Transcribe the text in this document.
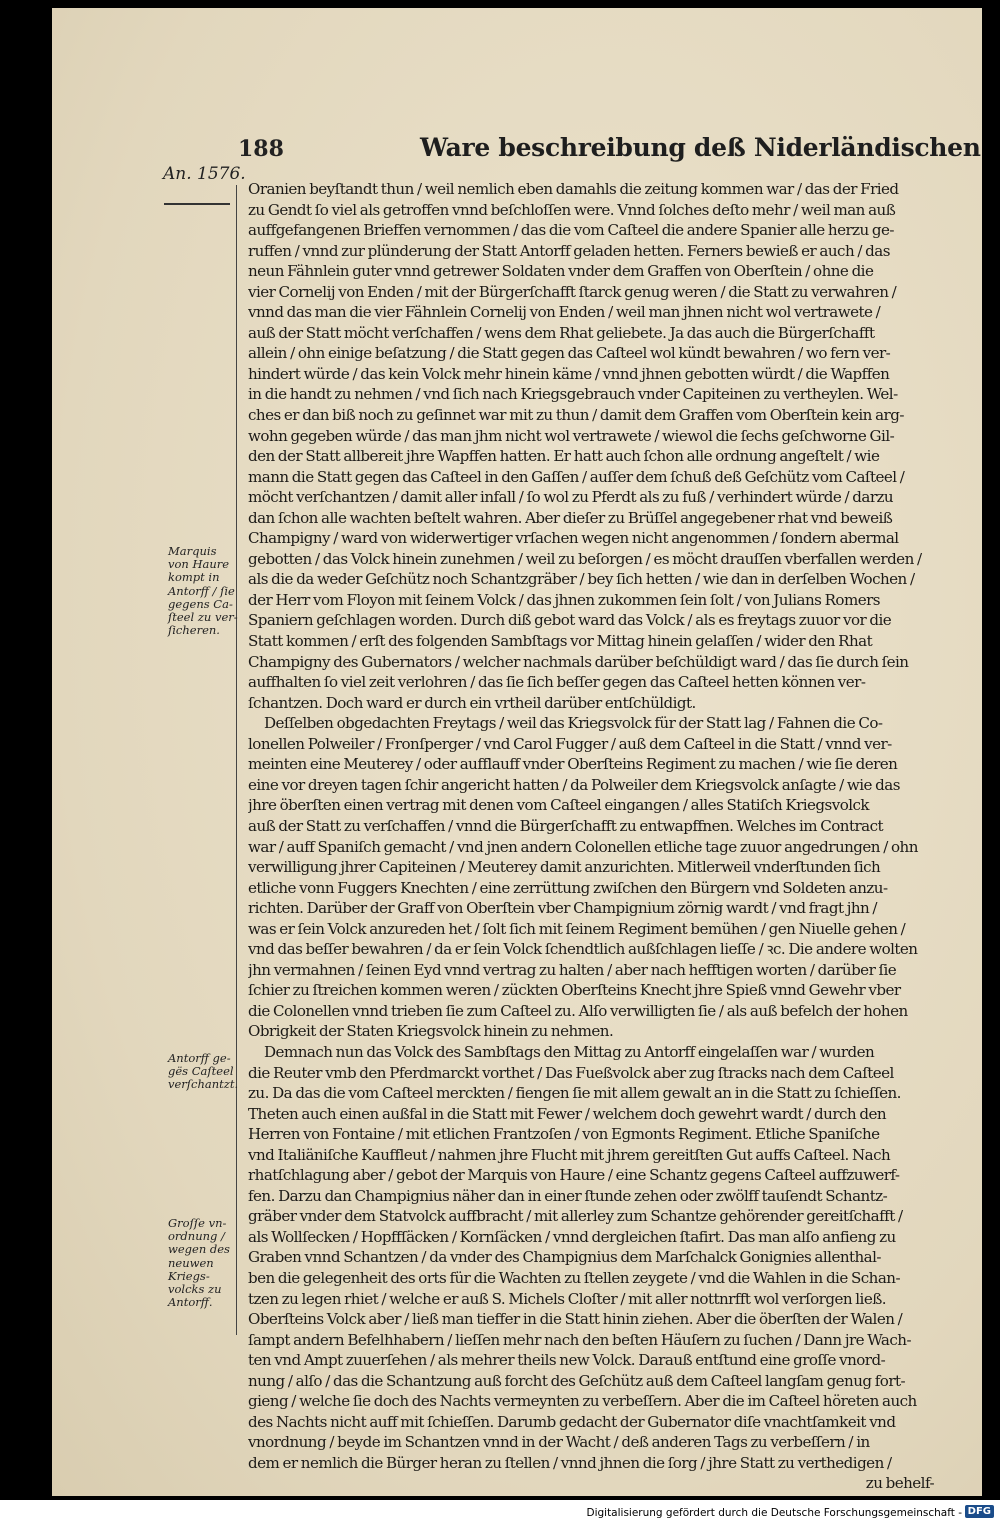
188	Ware beschreibung deß Niderländischen
An. 1576.
Oranien beyſtandt thun / weil nemlich eben damahls die zeitung kommen war / das der Fried
zu Gendt ſo viel als getroffen vnnd beſchloſſen were. Vnnd ſolches deſto mehr / weil man auß
auffgefangenen Brieffen vernommen / das die vom Caſteel die andere Spanier alle herzu ge-
ruffen / vnnd zur plünderung der Statt Antorff geladen hetten. Ferners bewieß er auch / das
neun Fähnlein guter vnnd getrewer Soldaten vnder dem Graffen von Oberſtein / ohne die
vier Cornelij von Enden / mit der Bürgerſchafft ſtarck genug weren / die Statt zu verwahren /
vnnd das man die vier Fähnlein Cornelij von Enden / weil man jhnen nicht wol vertrawete /
auß der Statt möcht verſchaffen / wens dem Rhat geliebete. Ja das auch die Bürgerſchafft
allein / ohn einige beſatzung / die Statt gegen das Caſteel wol kündt bewahren / wo fern ver-
hindert würde / das kein Volck mehr hinein käme / vnnd jhnen gebotten würdt / die Wapffen
in die handt zu nehmen / vnd ſich nach Kriegsgebrauch vnder Capiteinen zu vertheylen. Wel-
ches er dan biß noch zu geſinnet war mit zu thun / damit dem Graffen vom Oberſtein kein arg-
wohn gegeben würde / das man jhm nicht wol vertrawete / wiewol die ſechs geſchworne Gil-
den der Statt allbereit jhre Wapffen hatten. Er hatt auch ſchon alle ordnung angeſtelt / wie
mann die Statt gegen das Caſteel in den Gaſſen / auſſer dem ſchuß deß Geſchütz vom Caſteel /
möcht verſchantzen / damit aller infall / ſo wol zu Pferdt als zu fuß / verhindert würde / darzu
dan ſchon alle wachten beſtelt wahren. Aber dieſer zu Brüſſel angegebener rhat vnd beweiß
Champigny / ward von widerwertiger vrſachen wegen nicht angenommen / ſondern abermal
gebotten / das Volck hinein zunehmen / weil zu beſorgen / es möcht drauſſen vberfallen werden /
als die da weder Geſchütz noch Schantzgräber / bey ſich hetten / wie dan in derſelben Wochen /
der Herr vom Floyon mit ſeinem Volck / das jhnen zukommen ſein ſolt / von Julians Romers
Spaniern geſchlagen worden. Durch diß gebot ward das Volck / als es freytags zuuor vor die
Statt kommen / erſt des folgenden Sambſtags vor Mittag hinein gelaſſen / wider den Rhat
Champigny des Gubernators / welcher nachmals darüber beſchüldigt ward / das ſie durch ſein
auffhalten ſo viel zeit verlohren / das ſie ſich beſſer gegen das Caſteel hetten können ver-
ſchantzen. Doch ward er durch ein vrtheil darüber entſchüldigt.
Deſſelben obgedachten Freytags / weil das Kriegsvolck für der Statt lag / Fahnen die Co-
lonellen Polweiler / Fronſperger / vnd Carol Fugger / auß dem Caſteel in die Statt / vnnd ver-
meinten eine Meuterey / oder aufflauff vnder Oberſteins Regiment zu machen / wie ſie deren
eine vor dreyen tagen ſchir angericht hatten / da Polweiler dem Kriegsvolck anſagte / wie das
jhre öberſten einen vertrag mit denen vom Caſteel eingangen / alles Statiſch Kriegsvolck
auß der Statt zu verſchaffen / vnnd die Bürgerſchafft zu entwapffnen. Welches im Contract
war / auff Spaniſch gemacht / vnd jnen andern Colonellen etliche tage zuuor angedrungen / ohn
verwilligung jhrer Capiteinen / Meuterey damit anzurichten. Mitlerweil vnderſtunden ſich
etliche vonn Fuggers Knechten / eine zerrüttung zwiſchen den Bürgern vnd Soldeten anzu-
richten. Darüber der Graff von Oberſtein vber Champignium zörnig wardt / vnd fragt jhn /
was er ſein Volck anzureden het / ſolt ſich mit ſeinem Regiment bemühen / gen Niuelle gehen /
vnd das beſſer bewahren / da er ſein Volck ſchendtlich außſchlagen lieſſe / ꝛc. Die andere wolten
jhn vermahnen / ſeinen Eyd vnnd vertrag zu halten / aber nach hefftigen worten / darüber ſie
ſchier zu ſtreichen kommen weren / zückten Oberſteins Knecht jhre Spieß vnnd Gewehr vber
die Colonellen vnnd trieben ſie zum Caſteel zu. Alſo verwilligten ſie / als auß befelch der hohen
Obrigkeit der Staten Kriegsvolck hinein zu nehmen.
Demnach nun das Volck des Sambſtags den Mittag zu Antorff eingelaſſen war / wurden
die Reuter vmb den Pferdmarckt vorthet / Das Fueßvolck aber zug ſtracks nach dem Caſteel
zu. Da das die vom Caſteel merckten / fiengen ſie mit allem gewalt an in die Statt zu ſchieſſen.
Theten auch einen außfal in die Statt mit Fewer / welchem doch gewehrt wardt / durch den
Herren von Fontaine / mit etlichen Frantzoſen / von Egmonts Regiment. Etliche Spaniſche
vnd Italiäniſche Kauffleut / nahmen jhre Flucht mit jhrem gereitſten Gut auffs Caſteel. Nach
rhatſchlagung aber / gebot der Marquis von Haure / eine Schantz gegens Caſteel auffzuwerf-
fen. Darzu dan Champignius näher dan in einer ſtunde zehen oder zwölff tauſendt Schantz-
gräber vnder dem Statvolck auffbracht / mit allerley zum Schantze gehörender gereitſchafft /
als Wollſecken / Hopffſäcken / Kornſäcken / vnnd dergleichen ſtafirt. Das man alſo anfieng zu
Graben vnnd Schantzen / da vnder des Champignius dem Marſchalck Gonignies allenthal-
ben die gelegenheit des orts für die Wachten zu ſtellen zeygete / vnd die Wahlen in die Schan-
tzen zu legen rhiet / welche er auß S. Michels Cloſter / mit aller nottnrfft wol verſorgen ließ.
Oberſteins Volck aber / ließ man tieffer in die Statt hinin ziehen. Aber die öberſten der Walen /
ſampt andern Befelhhabern / lieſſen mehr nach den beſten Häuſern zu ſuchen / Dann jre Wach-
ten vnd Ampt zuuerſehen / als mehrer theils new Volck. Darauß entſtund eine groſſe vnord-
nung / alſo / das die Schantzung auß forcht des Geſchütz auß dem Caſteel langſam genug fort-
gieng / welche ſie doch des Nachts vermeynten zu verbeſſern. Aber die im Caſteel höreten auch
des Nachts nicht auff mit ſchieſſen. Darumb gedacht der Gubernator diſe vnachtſamkeit vnd
vnordnung / beyde im Schantzen vnnd in der Wacht / deß anderen Tags zu verbeſſern / in
dem er nemlich die Bürger heran zu ſtellen / vnnd jhnen die ſorg / jhre Statt zu verthedigen /
zu behelf-
Marquis
von Haure
kompt in
Antorff / ſie
gegens Ca-
ſteel zu ver-
ſicheren.
Antorff ge-
gës Caſteel
verſchantzt.
Groſſe vn-
ordnung /
wegen des
neuwen
Kriegs-
volcks zu
Antorff.
Digitalisierung gefördert durch die Deutsche Forschungsgemeinschaft - DFG
